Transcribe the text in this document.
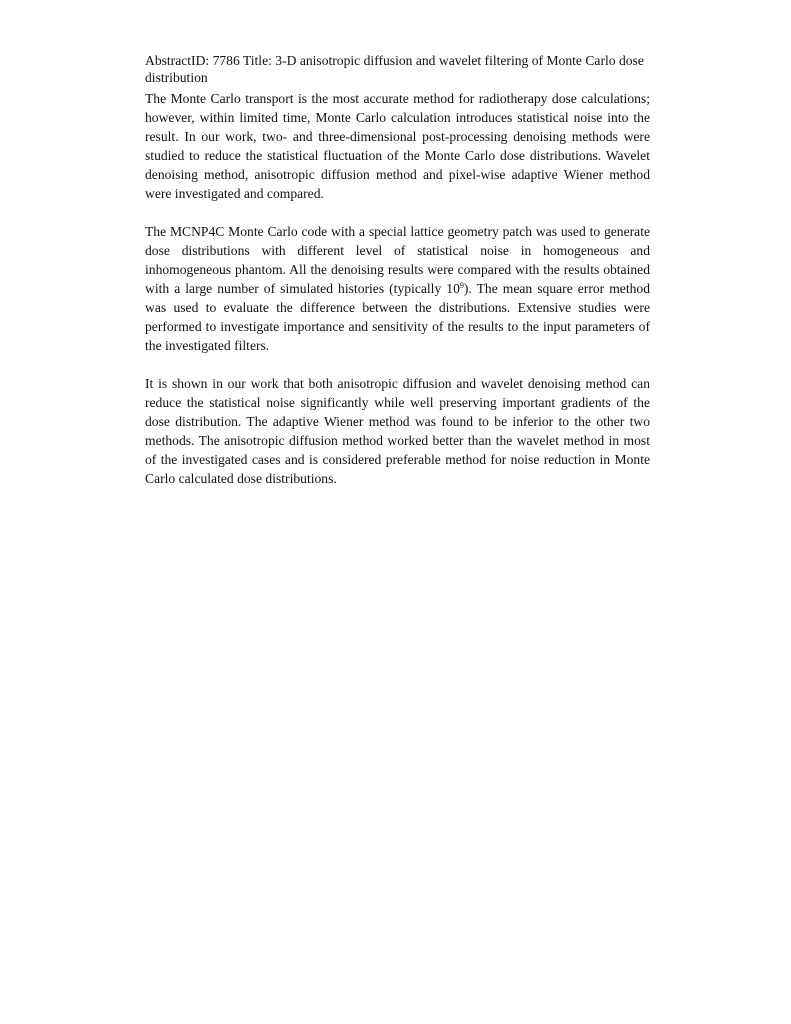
AbstractID: 7786 Title: 3-D anisotropic diffusion and wavelet filtering of Monte Carlo dose distribution

The Monte Carlo transport is the most accurate method for radiotherapy dose calculations; however, within limited time, Monte Carlo calculation introduces statistical noise into the result. In our work, two- and three-dimensional post-processing denoising methods were studied to reduce the statistical fluctuation of the Monte Carlo dose distributions. Wavelet denoising method, anisotropic diffusion method and pixel-wise adaptive Wiener method were investigated and compared.

The MCNP4C Monte Carlo code with a special lattice geometry patch was used to generate dose distributions with different level of statistical noise in homogeneous and inhomogeneous phantom. All the denoising results were compared with the results obtained with a large number of simulated histories (typically $10^9$). The mean square error method was used to evaluate the difference between the distributions. Extensive studies were performed to investigate importance and sensitivity of the results to the input parameters of the investigated filters.

It is shown in our work that both anisotropic diffusion and wavelet denoising method can reduce the statistical noise significantly while well preserving important gradients of the dose distribution. The adaptive Wiener method was found to be inferior to the other two methods. The anisotropic diffusion method worked better than the wavelet method in most of the investigated cases and is considered preferable method for noise reduction in Monte Carlo calculated dose distributions.
